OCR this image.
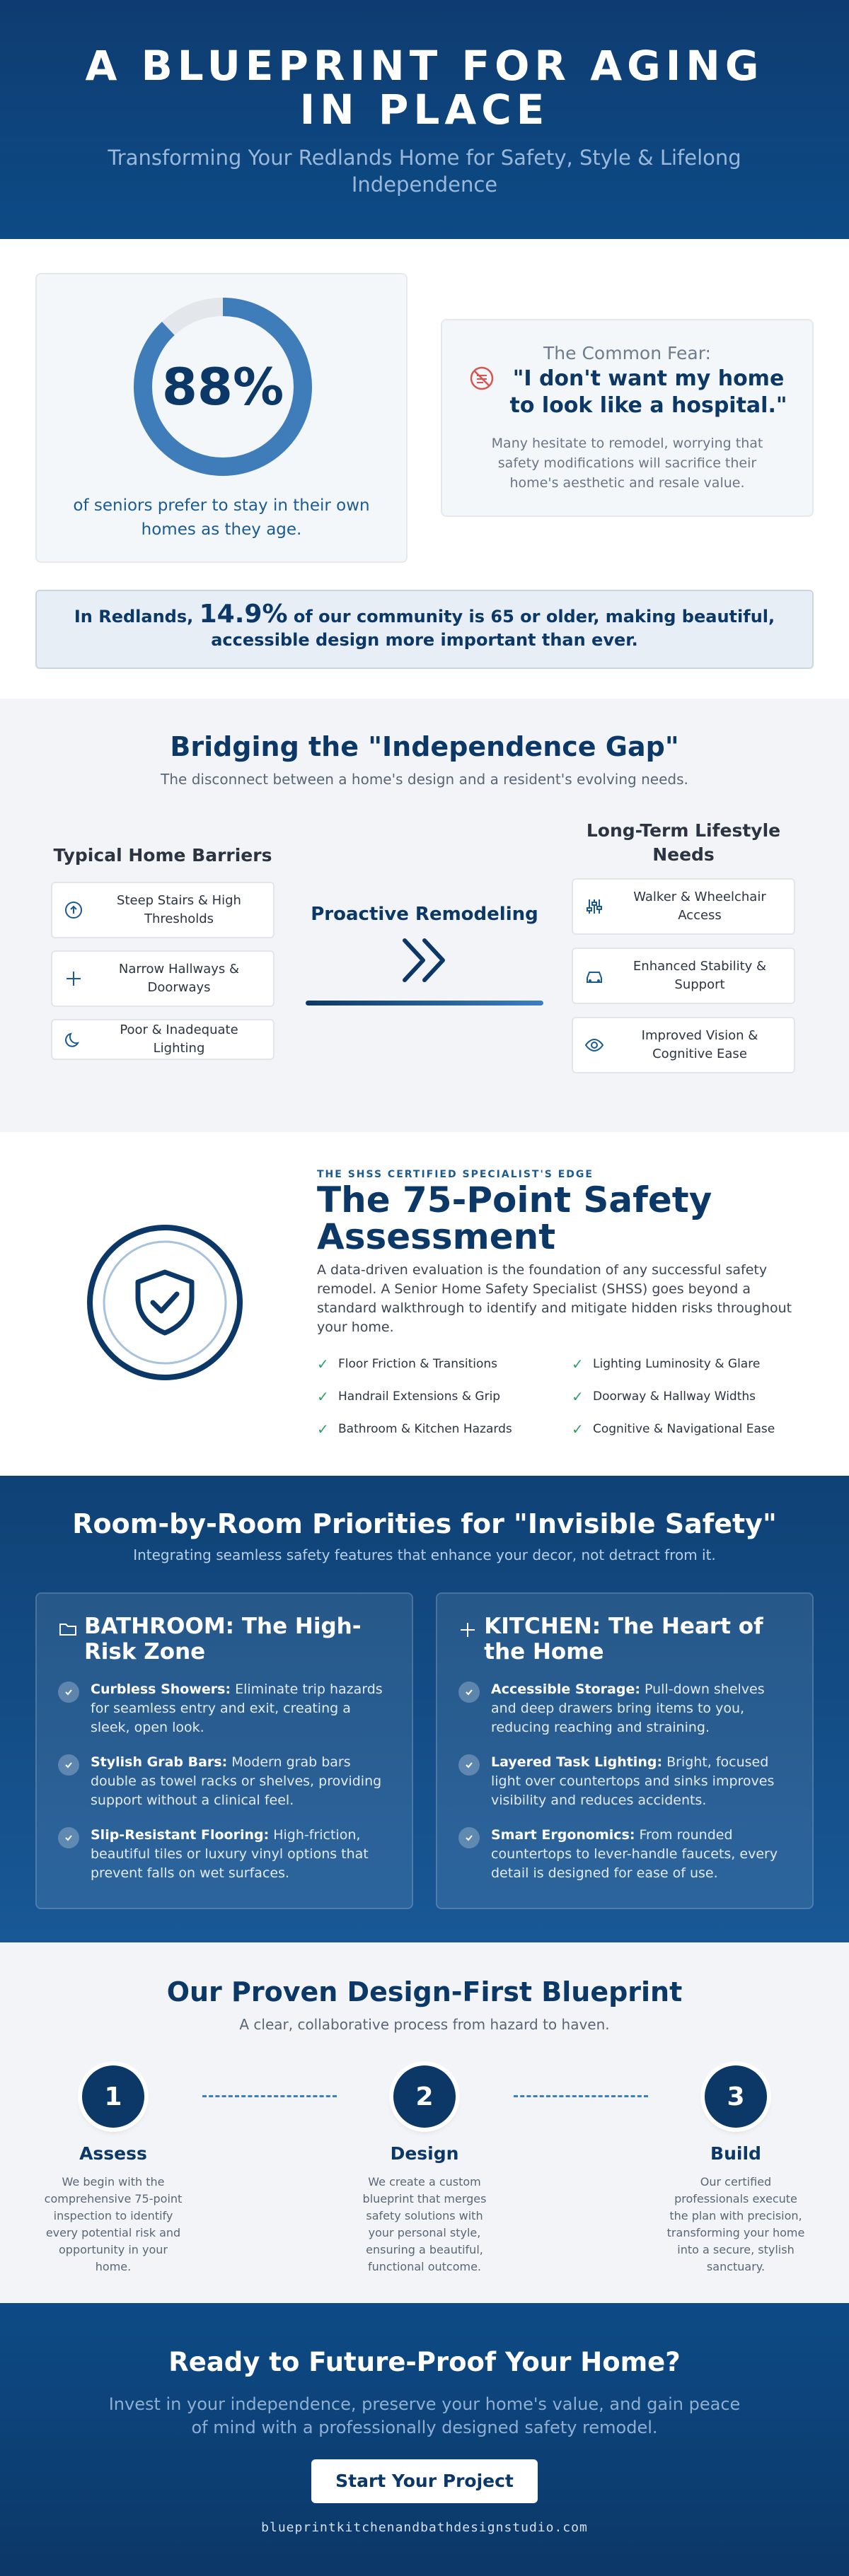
A BLUEPRINT FOR AGING IN PLACE
Transforming Your Redlands Home for Safety, Style & Lifelong Independence
88%
of seniors prefer to stay in their own homes as they age.
The Common Fear:
"I don't want my home to look like a hospital."
Many hesitate to remodel, worrying that safety modifications will sacrifice their home's aesthetic and resale value.
In Redlands, 14.9% of our community is 65 or older, making beautiful, accessible design more important than ever.
Bridging the "Independence Gap"
The disconnect between a home's design and a resident's evolving needs.
Typical Home Barriers
Steep Stairs & High Thresholds
Narrow Hallways & Doorways
Poor & Inadequate Lighting
Proactive Remodeling
Long-Term Lifestyle Needs
Walker & Wheelchair Access
Enhanced Stability & Support
Improved Vision & Cognitive Ease
THE SHSS CERTIFIED SPECIALIST'S EDGE
The 75-Point Safety Assessment
A data-driven evaluation is the foundation of any successful safety remodel. A Senior Home Safety Specialist (SHSS) goes beyond a standard walkthrough to identify and mitigate hidden risks throughout your home.
✓ Floor Friction & Transitions	✓ Lighting Luminosity & Glare
✓ Handrail Extensions & Grip	✓ Doorway & Hallway Widths
✓ Bathroom & Kitchen Hazards	✓ Cognitive & Navigational Ease
Room-by-Room Priorities for "Invisible Safety"
Integrating seamless safety features that enhance your decor, not detract from it.
BATHROOM: The High-Risk Zone
Curbless Showers: Eliminate trip hazards for seamless entry and exit, creating a sleek, open look.
Stylish Grab Bars: Modern grab bars double as towel racks or shelves, providing support without a clinical feel.
Slip-Resistant Flooring: High-friction, beautiful tiles or luxury vinyl options that prevent falls on wet surfaces.
KITCHEN: The Heart of the Home
Accessible Storage: Pull-down shelves and deep drawers bring items to you, reducing reaching and straining.
Layered Task Lighting: Bright, focused light over countertops and sinks improves visibility and reduces accidents.
Smart Ergonomics: From rounded countertops to lever-handle faucets, every detail is designed for ease of use.
Our Proven Design-First Blueprint
A clear, collaborative process from hazard to haven.
1
Assess
We begin with the comprehensive 75-point inspection to identify every potential risk and opportunity in your home.
2
Design
We create a custom blueprint that merges safety solutions with your personal style, ensuring a beautiful, functional outcome.
3
Build
Our certified professionals execute the plan with precision, transforming your home into a secure, stylish sanctuary.
Ready to Future-Proof Your Home?
Invest in your independence, preserve your home's value, and gain peace of mind with a professionally designed safety remodel.
Start Your Project
blueprintkitchenandbathdesignstudio.com
